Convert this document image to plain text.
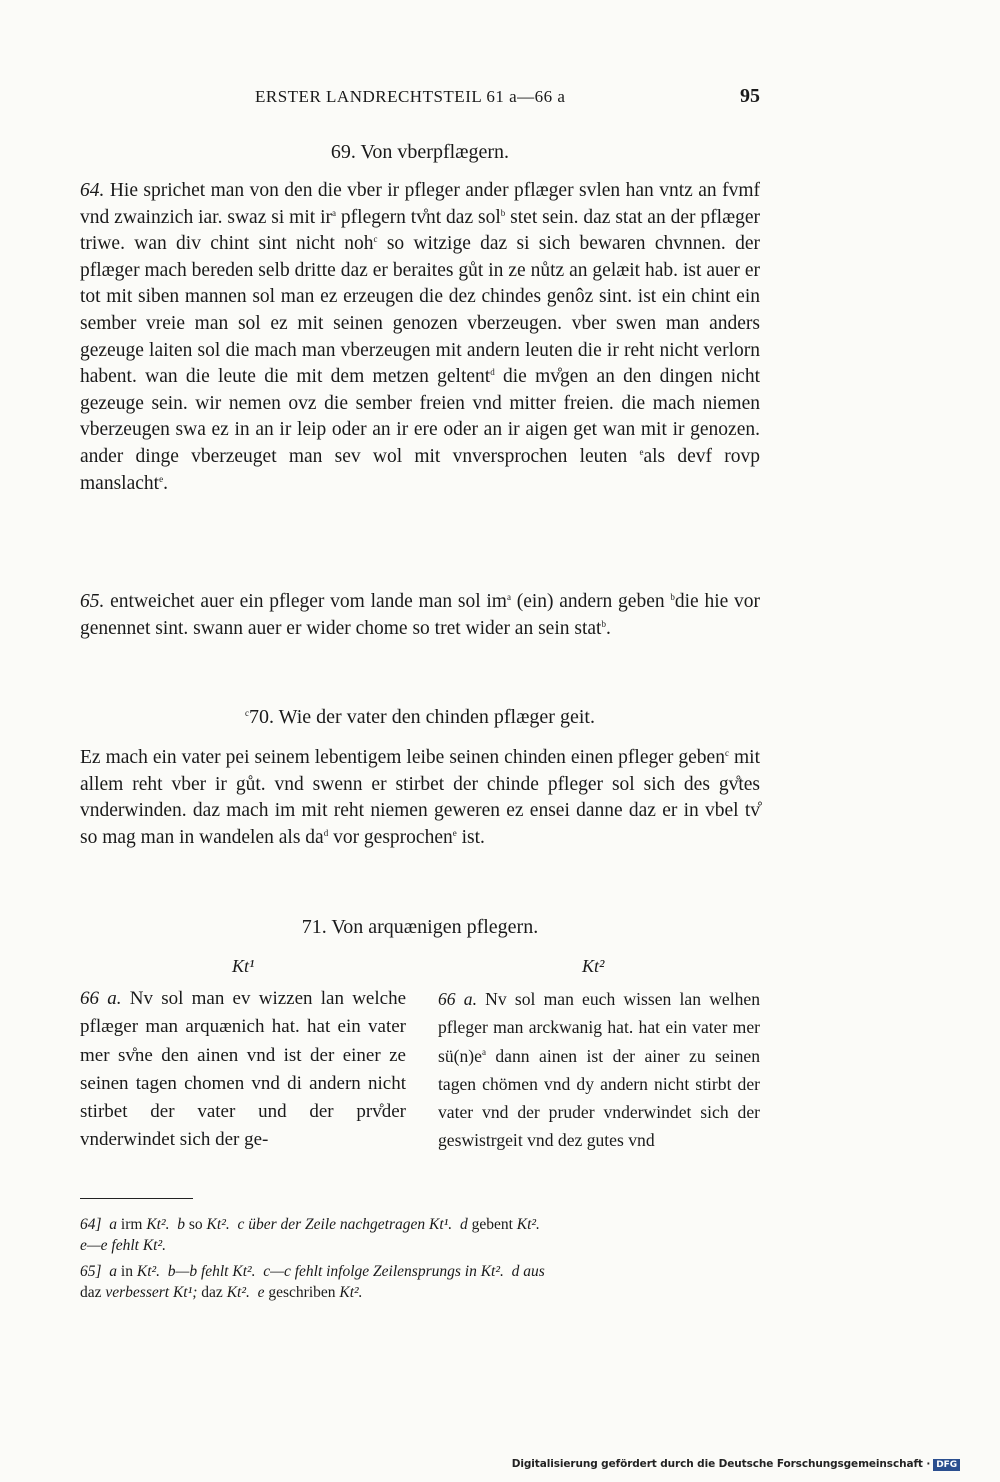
ERSTER LANDRECHTSTEIL 61 a—66 a	95
69. Von vberpflægern.

64. Hie sprichet man von den die vber ir pfleger ander pflæger svlen han vntz an fvmf vnd zwainzich iar. swaz si mit $ir^a$ pflegern tv̊nt daz sol$^b$ stet sein. daz stat an der pflæger triwe. wan div chint sint nicht noh$^c$ so witzige daz si sich bewaren chvnnen. der pflæger mach bereden selb dritte daz er beraites gůt in ze nůtz an gelæit hab. ist auer er tot mit siben mannen sol man ez erzeugen die dez chindes genôz sint. ist ein chint ein sember vreie man sol ez mit seinen genozen vberzeugen. vber swen man anders gezeuge laiten sol die mach man vberzeugen mit andern leuten die ir reht nicht verlorn habent. wan die leute die mit dem metzen geltent$^d$ die mv̊gen an den dingen nicht gezeuge sein. wir nemen ovz die sember freien vnd mitter freien. die mach niemen vberzeugen swa ez in an ir leip oder an ir ere oder an ir aigen get wan mit ir genozen. ander dinge vberzeuget man sev wol mit vnversprochen leuten $^e$als devf rovp manslacht$^e$.

65. entweichet auer ein pfleger vom lande man sol $im^a$ (ein) andern geben $^b$die hie vor genennet sint. swann auer er wider chome so tret wider an sein stat$^b$.

$^c$70. Wie der vater den chinden pflæger geit.

Ez mach ein vater pei seinem lebentigem leibe seinen chinden einen pfleger geben$^c$ mit allem reht vber ir gůt. vnd swenn er stirbet der chinde pfleger sol sich des gv̊tes vnderwinden. daz mach im mit reht niemen geweren ez ensei danne daz er in vbel tv̊ so mag man in wandelen als $da^d$ vor gesprochen$^e$ ist.

71. Von arquænigen pflegern.
Kt¹	Kt²

66 a. Nv sol man ev wizzen lan welche pflæger man arquænich hat. hat ein vater mer sv̊ne den ainen vnd ist der einer ze seinen tagen chomen vnd di andern nicht stirbet der vater und der prv̊der vnderwindet sich der ge-

66 a. Nv sol man euch wissen lan welhen pfleger man arckwanig hat. hat ein vater mer $sü(n)e^a$ dann ainen ist der ainer zu seinen tagen chömen vnd dy andern nicht stirbt der vater vnd der pruder vnderwindet sich der geswistrgeit vnd dez gutes vnd

64] a irm Kt². b so Kt². c über der Zeile nachgetragen Kt¹. d gebent Kt².
e—e fehlt Kt².

65] a in Kt². b—b fehlt Kt². c—c fehlt infolge Zeilensprungs in Kt². d aus
daz verbessert Kt¹; daz Kt². e geschriben Kt².

Digitalisierung gefördert durch die Deutsche Forschungsgemeinschaft · DFG
